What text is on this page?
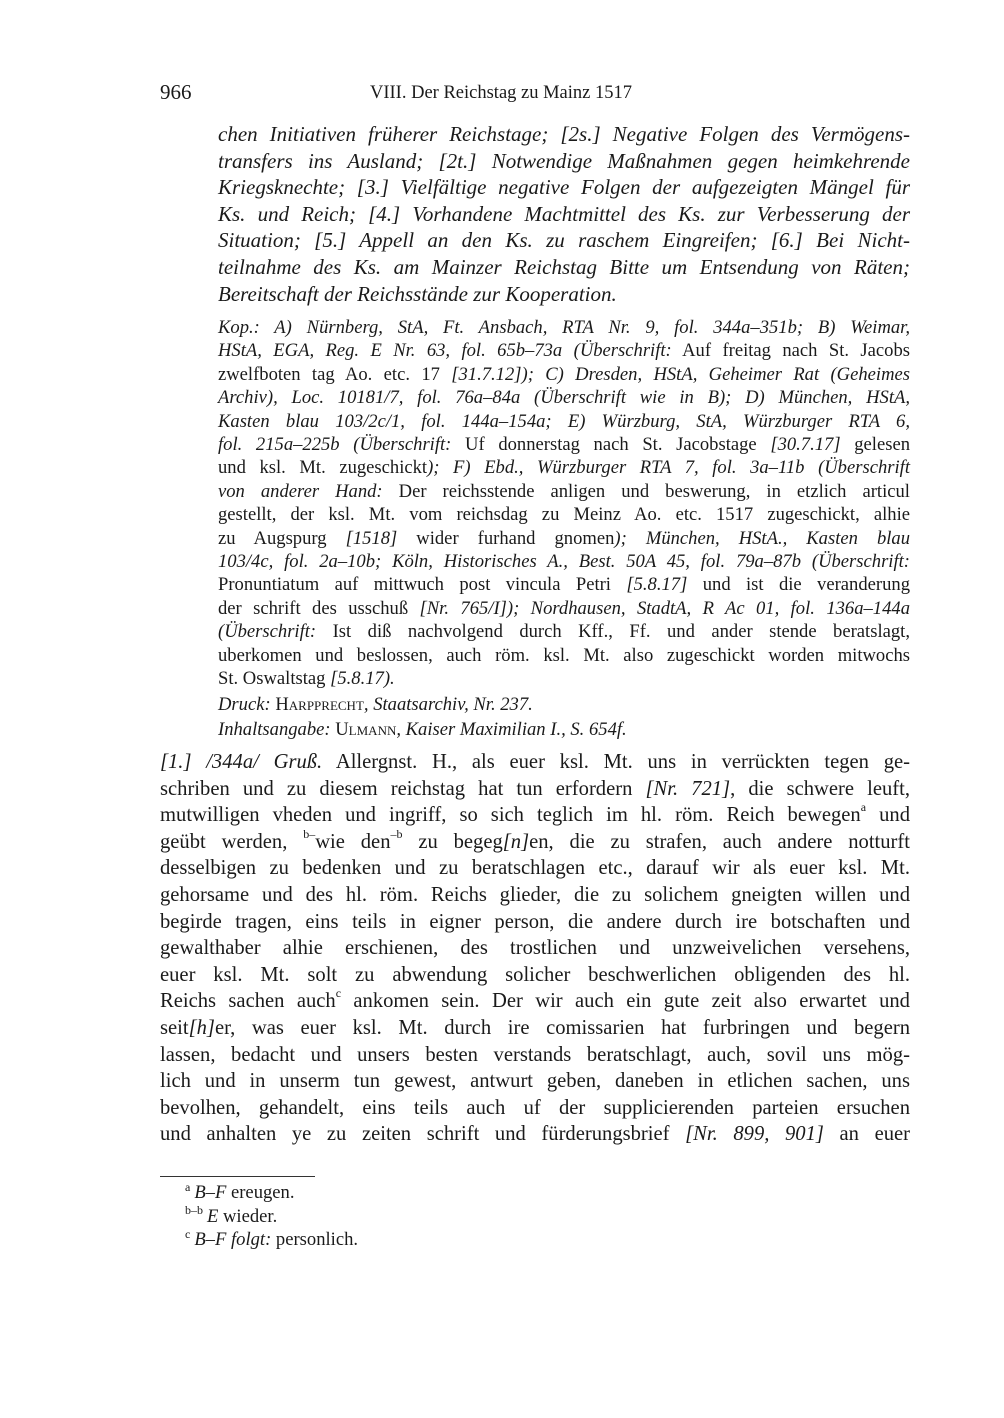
966	VIII. Der Reichstag zu Mainz 1517
chen Initiativen früherer Reichstage; [2s.] Negative Folgen des Vermögens-
transfers ins Ausland; [2t.] Notwendige Maßnahmen gegen heimkehrende
Kriegsknechte; [3.] Vielfältige negative Folgen der aufgezeigten Mängel für
Ks. und Reich; [4.] Vorhandene Machtmittel des Ks. zur Verbesserung der
Situation; [5.] Appell an den Ks. zu raschem Eingreifen; [6.] Bei Nicht-
teilnahme des Ks. am Mainzer Reichstag Bitte um Entsendung von Räten;
Bereitschaft der Reichsstände zur Kooperation.
Kop.: A) Nürnberg, StA, Ft. Ansbach, RTA Nr. 9, fol. 344a–351b; B) Weimar,
HStA, EGA, Reg. E Nr. 63, fol. 65b–73a (Überschrift: Auf freitag nach St. Jacobs
zwelfboten tag Ao. etc. 17 [31.7.12]); C) Dresden, HStA, Geheimer Rat (Geheimes
Archiv), Loc. 10181/7, fol. 76a–84a (Überschrift wie in B); D) München, HStA,
Kasten blau 103/2c/1, fol. 144a–154a; E) Würzburg, StA, Würzburger RTA 6,
fol. 215a–225b (Überschrift: Uf donnerstag nach St. Jacobstage [30.7.17] gelesen
und ksl. Mt. zugeschickt); F) Ebd., Würzburger RTA 7, fol. 3a–11b (Überschrift
von anderer Hand: Der reichsstende anligen und beswerung, in etzlich articul
gestellt, der ksl. Mt. vom reichsdag zu Meinz Ao. etc. 1517 zugeschickt, alhie
zu Augspurg [1518] wider furhand gnomen); München, HStA., Kasten blau
103/4c, fol. 2a–10b; Köln, Historisches A., Best. 50A 45, fol. 79a–87b (Überschrift:
Pronuntiatum auf mittwuch post vincula Petri [5.8.17] und ist die veranderung
der schrift des usschuß [Nr. 765/I]); Nordhausen, StadtA, R Ac 01, fol. 136a–144a
(Überschrift: Ist diß nachvolgend durch Kff., Ff. und ander stende beratslagt,
uberkomen und beslossen, auch röm. ksl. Mt. also zugeschickt worden mitwochs
St. Oswaltstag [5.8.17).
Druck: Harpprecht, Staatsarchiv, Nr. 237.
Inhaltsangabe: Ulmann, Kaiser Maximilian I., S. 654f.
[1.] /344a/ Gruß. Allergnst. H., als euer ksl. Mt. uns in verrückten tegen ge-
schriben und zu diesem reichstag hat tun erfordern [Nr. 721], die schwere leuft,
mutwilligen vheden und ingriff, so sich teglich im hl. röm. Reich bewegen$^a$ und
geübt werden, $^{b-}$wie den$^{-b}$ zu begeg[n]en, die zu strafen, auch andere notturft
desselbigen zu bedenken und zu beratschlagen etc., darauf wir als euer ksl. Mt.
gehorsame und des hl. röm. Reichs glieder, die zu solichem gneigten willen und
begirde tragen, eins teils in eigner person, die andere durch ire botschaften und
gewalthaber alhie erschienen, des trostlichen und unzweivelichen versehens,
euer ksl. Mt. solt zu abwendung solicher beschwerlichen obligenden des hl.
Reichs sachen auch$^c$ ankomen sein. Der wir auch ein gute zeit also erwartet und
seit[h]er, was euer ksl. Mt. durch ire comissarien hat furbringen und begern
lassen, bedacht und unsers besten verstands beratschlagt, auch, sovil uns mög-
lich und in unserm tun gewest, antwurt geben, daneben in etlichen sachen, uns
bevolhen, gehandelt, eins teils auch uf der supplicierenden parteien ersuchen
und anhalten ye zu zeiten schrift und fürderungsbrief [Nr. 899, 901] an euer
$^a$ B–F ereugen.
$^{b-b}$ E wieder.
$^c$ B–F folgt: personlich.
